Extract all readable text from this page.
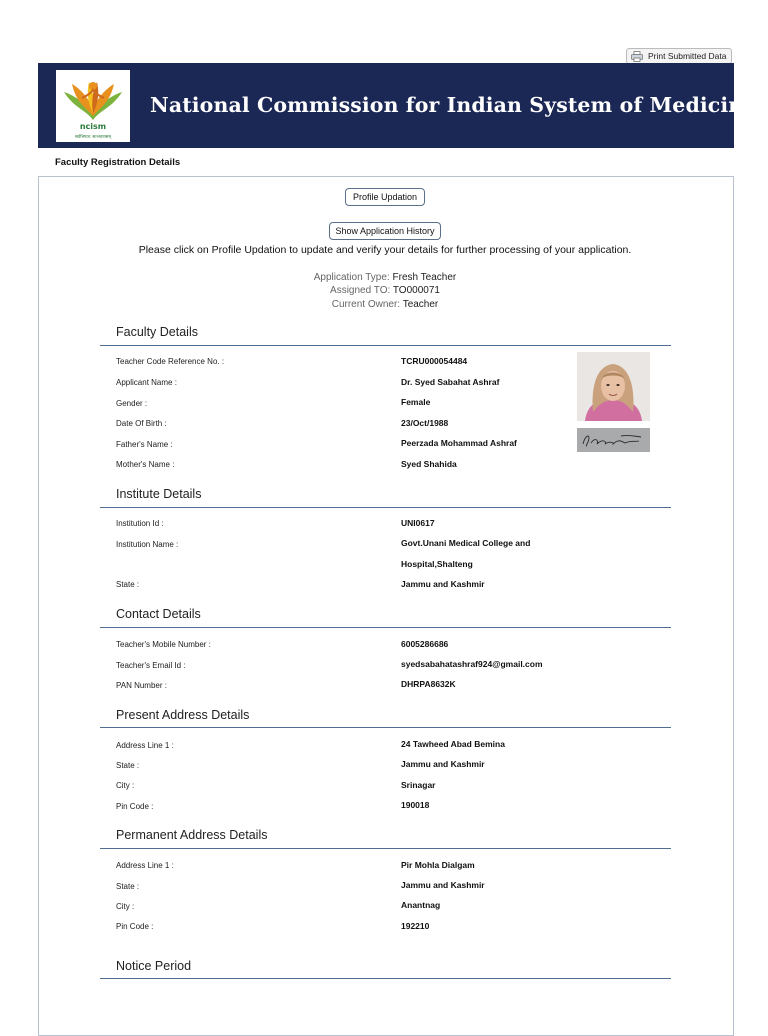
Print Submitted Data
ncism
सर्वभिषज: सत्भवन्तसम्
National Commission for Indian System of Medicine
Faculty Registration Details
Profile Updation
Show Application History
Please click on Profile Updation to update and verify your details for further processing of your application.
Application Type: Fresh Teacher
Assigned TO: TO000071
Current Owner: Teacher
Faculty Details
Teacher Code Reference No. :	TCRU000054484
Applicant Name :	Dr. Syed Sabahat Ashraf
Gender :	Female
Date Of Birth :	23/Oct/1988
Father's Name :	Peerzada Mohammad Ashraf
Mother's Name :	Syed Shahida
S.Sabahat
Institute Details
Institution Id :	UNI0617
Institution Name :	Govt.Unani Medical College and
Hospital,Shalteng
State :	Jammu and Kashmir
Contact Details
Teacher's Mobile Number :	6005286686
Teacher's Email Id :	syedsabahatashraf924@gmail.com
PAN Number :	DHRPA8632K
Present Address Details
Address Line 1 :	24 Tawheed Abad Bemina
State :	Jammu and Kashmir
City :	Srinagar
Pin Code :	190018
Permanent Address Details
Address Line 1 :	Pir Mohla Dialgam
State :	Jammu and Kashmir
City :	Anantnag
Pin Code :	192210
Notice Period
